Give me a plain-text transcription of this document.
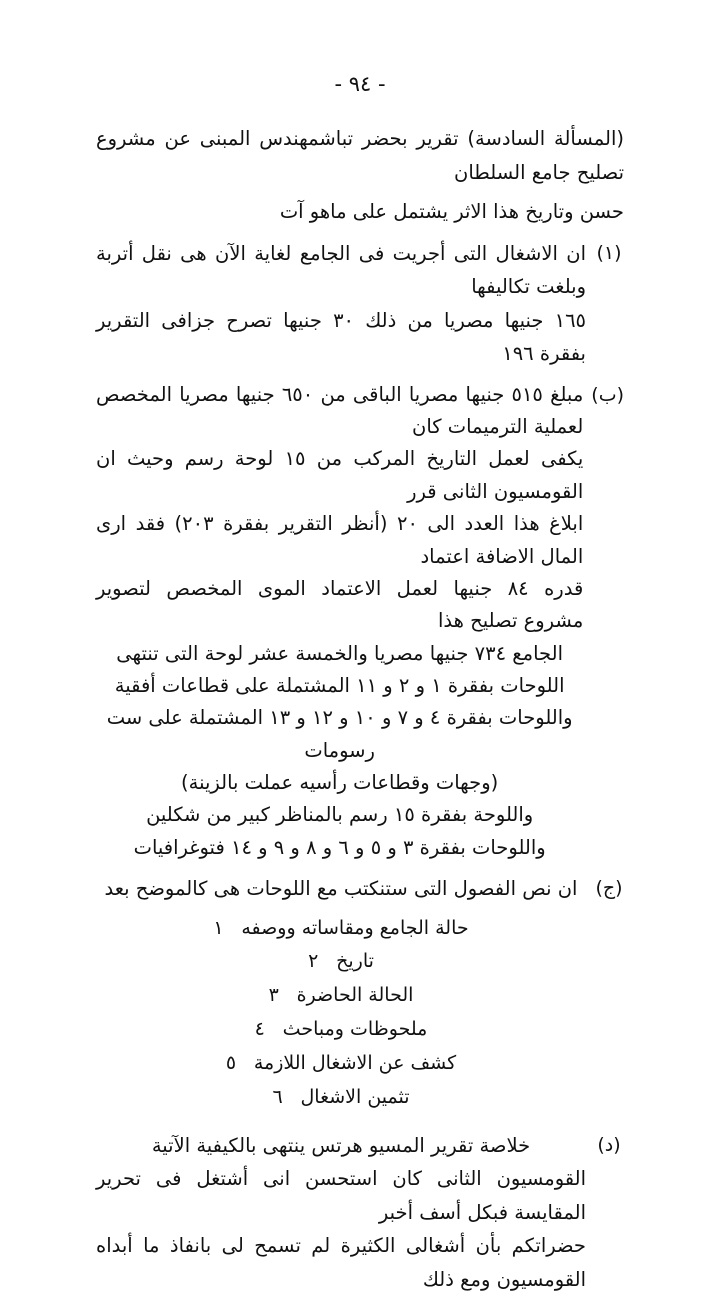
- ٩٤ -
(المسألة السادسة) تقرير بحضر تباشمهندس المبنى عن مشروع تصليح جامع السلطان
حسن وتاريخ هذا الاثر يشتمل على ماهو آت
(١)
ان الاشغال التى أجريت فى الجامع لغاية الآن هى نقل أتربة وبلغت تكاليفها
١٦٥ جنيها مصريا من ذلك ٣٠ جنيها تصرح جزافى التقرير بفقرة ١٩٦
(ب)
مبلغ ٥١٥ جنيها مصريا الباقى من ٦٥٠ جنيها مصريا المخصص لعملية الترميمات كان
يكفى لعمل التاريخ المركب من ١٥ لوحة رسم وحيث ان القومسيون الثانى قرر
ابلاغ هذا العدد الى ٢٠ (أنظر التقرير بفقرة ٢٠٣) فقد ارى المال الاضافة اعتماد
قدره ٨٤ جنيها لعمل الاعتماد الموى المخصص لتصوير مشروع تصليح هذا
الجامع ٧٣٤ جنيها مصريا والخمسة عشر لوحة التى تنتهى
اللوحات بفقرة ١ و ٢ و ١١ المشتملة على قطاعات أفقية
واللوحات بفقرة ٤ و ٧ و ١٠ و ١٢ و ١٣ المشتملة على ست رسومات
(وجهات وقطاعات رأسيه عملت بالزينة)
واللوحة بفقرة ١٥ رسم بالمناظر كبير من شكلين
واللوحات بفقرة ٣ و ٥ و ٦ و ٨ و ٩ و ١٤ فتوغرافيات
(ج)
ان نص الفصول التى ستنكتب مع اللوحات هى كالموضح بعد
حالة الجامع ومقاساته ووصفه
١
تاريخ
٢
الحالة الحاضرة
٣
ملحوظات ومباحث
٤
كشف عن الاشغال اللازمة
٥
تثمين الاشغال
٦
(د)
خلاصة تقرير المسيو هرتس ينتهى بالكيفية الآتية
القومسيون الثانى كان استحسن انى أشتغل فى تحرير المقايسة فبكل أسف أخبر
حضراتكم بأن أشغالى الكثيرة لم تسمح لى بانفاذ ما أبداه القومسيون ومع ذلك
